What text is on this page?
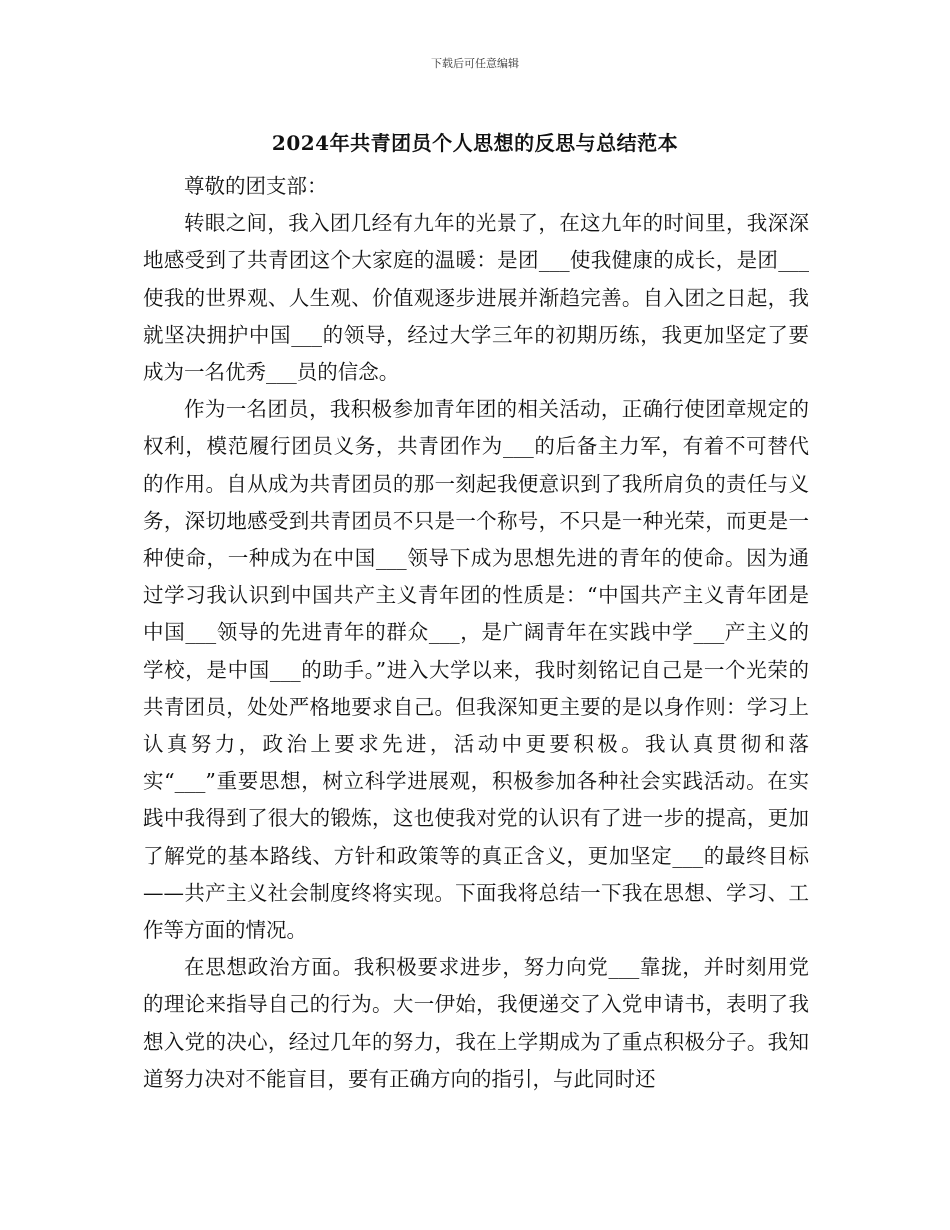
下载后可任意编辑
2024年共青团员个人思想的反思与总结范本

尊敬的团支部：

转眼之间，我入团几经有九年的光景了，在这九年的时间里，我深深地感受到了共青团这个大家庭的温暖：是团___使我健康的成长，是团___使我的世界观、人生观、价值观逐步进展并渐趋完善。自入团之日起，我就坚决拥护中国___的领导，经过大学三年的初期历练，我更加坚定了要成为一名优秀___员的信念。

作为一名团员，我积极参加青年团的相关活动，正确行使团章规定的权利，模范履行团员义务，共青团作为___的后备主力军，有着不可替代的作用。自从成为共青团员的那一刻起我便意识到了我所肩负的责任与义务，深切地感受到共青团员不只是一个称号，不只是一种光荣，而更是一种使命，一种成为在中国___领导下成为思想先进的青年的使命。因为通过学习我认识到中国共产主义青年团的性质是：“中国共产主义青年团是中国___领导的先进青年的群众___，是广阔青年在实践中学___产主义的学校，是中国___的助手。”进入大学以来，我时刻铭记自己是一个光荣的共青团员，处处严格地要求自己。但我深知更主要的是以身作则：学习上认真努力，政治上要求先进，活动中更要积极。我认真贯彻和落实“___”重要思想，树立科学进展观，积极参加各种社会实践活动。在实践中我得到了很大的锻炼，这也使我对党的认识有了进一步的提高，更加了解党的基本路线、方针和政策等的真正含义，更加坚定___的最终目标——共产主义社会制度终将实现。下面我将总结一下我在思想、学习、工作等方面的情况。

在思想政治方面。我积极要求进步，努力向党___靠拢，并时刻用党的理论来指导自己的行为。大一伊始，我便递交了入党申请书，表明了我想入党的决心，经过几年的努力，我在上学期成为了重点积极分子。我知道努力决对不能盲目，要有正确方向的指引，与此同时还
